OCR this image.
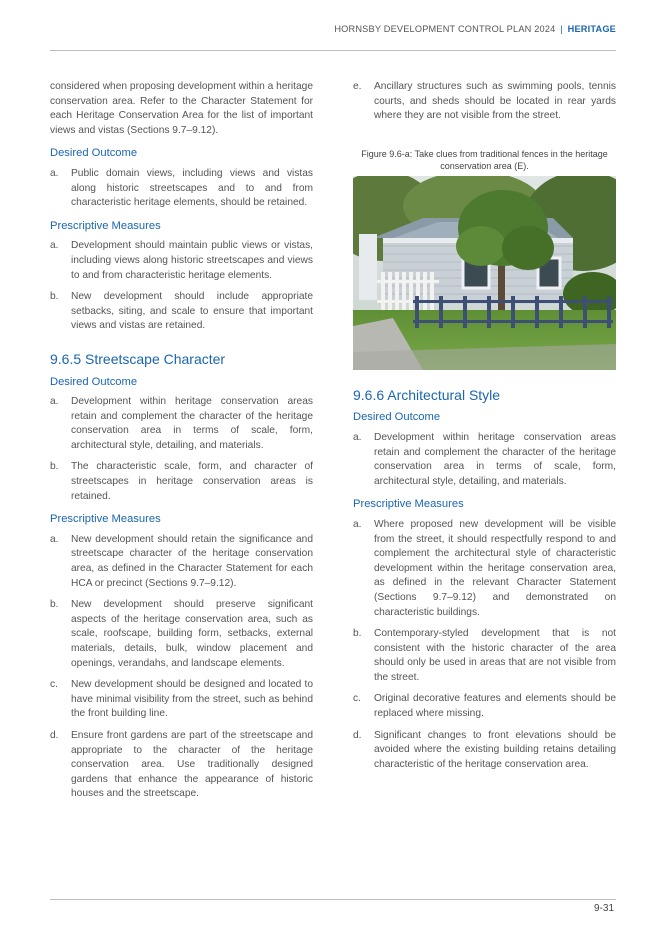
HORNSBY DEVELOPMENT CONTROL PLAN 2024 | HERITAGE

considered when proposing development within a heritage conservation area. Refer to the Character Statement for each Heritage Conservation Area for the list of important views and vistas (Sections 9.7–9.12).

Desired Outcome
a.	Public domain views, including views and vistas along historic streetscapes and to and from characteristic heritage elements, should be retained.
Prescriptive Measures
a.	Development should maintain public views or vistas, including views along historic streetscapes and views to and from characteristic heritage elements.
b.	New development should include appropriate setbacks, siting, and scale to ensure that important views and vistas are retained.
9.6.5 Streetscape Character
Desired Outcome
a.	Development within heritage conservation areas retain and complement the character of the heritage conservation area in terms of scale, form, architectural style, detailing, and materials.
b.	The characteristic scale, form, and character of streetscapes in heritage conservation areas is retained.
Prescriptive Measures
a.	New development should retain the significance and streetscape character of the heritage conservation area, as defined in the Character Statement for each HCA or precinct (Sections 9.7–9.12).
b.	New development should preserve significant aspects of the heritage conservation area, such as scale, roofscape, building form, setbacks, external materials, details, bulk, window placement and openings, verandahs, and landscape elements.
c.	New development should be designed and located to have minimal visibility from the street, such as behind the front building line.
d.	Ensure front gardens are part of the streetscape and appropriate to the character of the heritage conservation area. Use traditionally designed gardens that enhance the appearance of historic houses and the streetscape.
e.	Ancillary structures such as swimming pools, tennis courts, and sheds should be located in rear yards where they are not visible from the street.
Figure 9.6-a: Take clues from traditional fences in the heritage conservation area (E).
9.6.6 Architectural Style
Desired Outcome
a.	Development within heritage conservation areas retain and complement the character of the heritage conservation area in terms of scale, form, architectural style, detailing, and materials.
Prescriptive Measures
a.	Where proposed new development will be visible from the street, it should respectfully respond to and complement the architectural style of characteristic development within the heritage conservation area, as defined in the relevant Character Statement (Sections 9.7–9.12) and demonstrated on characteristic buildings.
b.	Contemporary-styled development that is not consistent with the historic character of the area should only be used in areas that are not visible from the street.
c.	Original decorative features and elements should be replaced where missing.
d.	Significant changes to front elevations should be avoided where the existing building retains detailing characteristic of the heritage conservation area.
9-31
